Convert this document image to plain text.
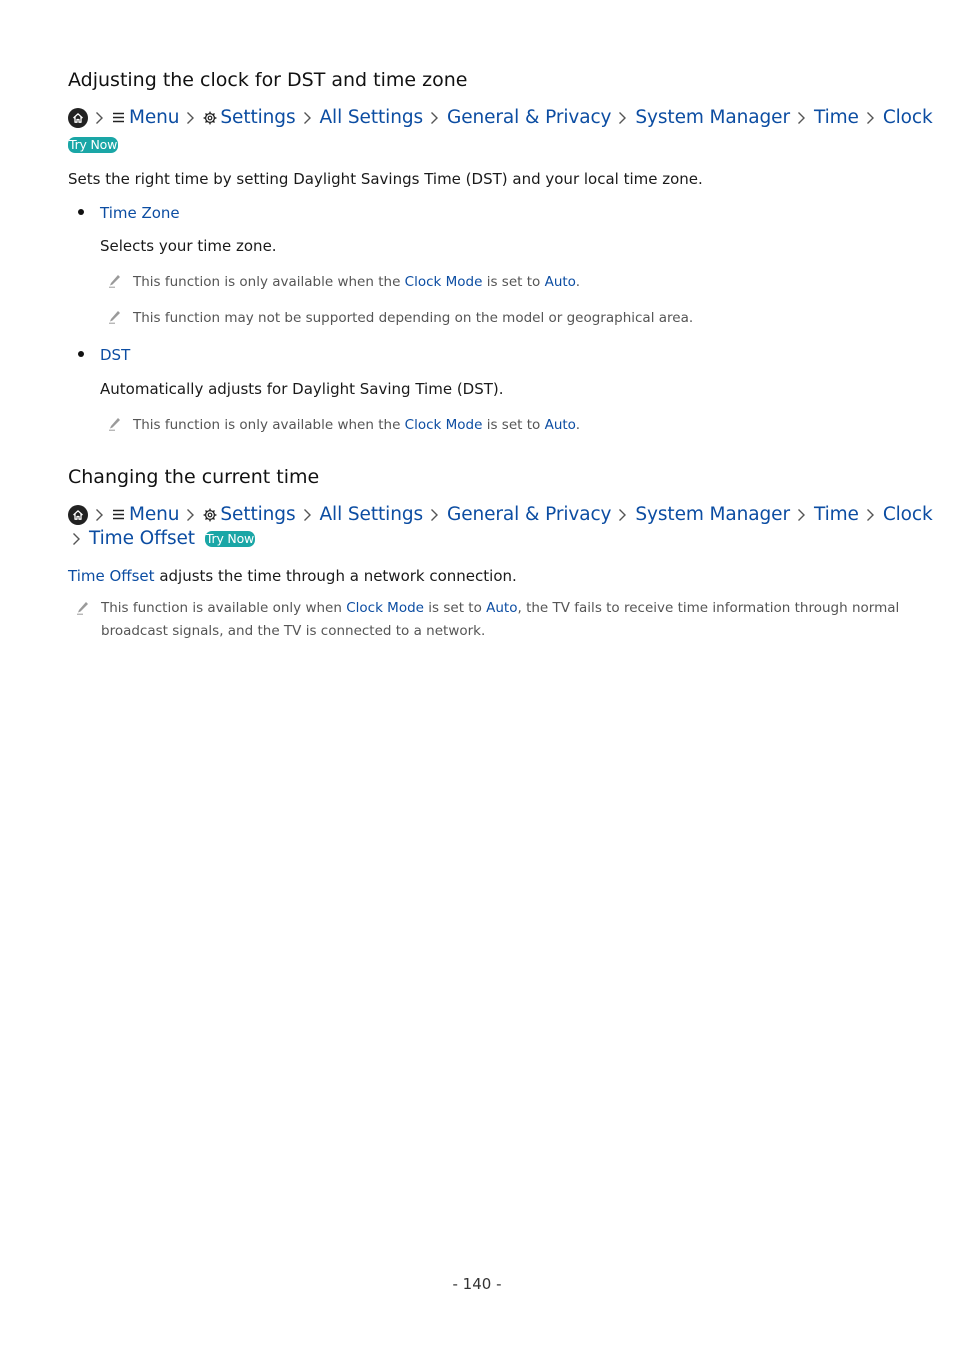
Adjusting the clock for DST and time zone
Menu Settings All Settings General & Privacy System Manager Time Clock
Try Now
Sets the right time by setting Daylight Savings Time (DST) and your local time zone.
Time Zone
Selects your time zone.
This function is only available when the Clock Mode is set to Auto.
This function may not be supported depending on the model or geographical area.
DST
Automatically adjusts for Daylight Saving Time (DST).
This function is only available when the Clock Mode is set to Auto.
Changing the current time
Menu Settings All Settings General & Privacy System Manager Time Clock
Time Offset Try Now
Time Offset adjusts the time through a network connection.
This function is available only when Clock Mode is set to Auto, the TV fails to receive time information through normal
broadcast signals, and the TV is connected to a network.
- 140 -
